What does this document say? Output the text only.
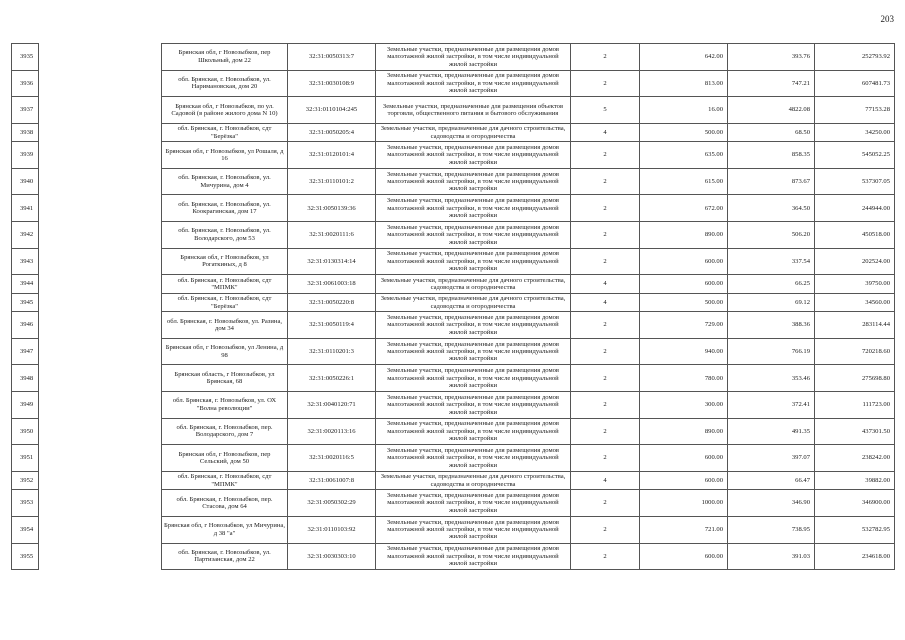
203
3935		Брянская обл, г Новозыбков, пер Школьный, дом 22	32:31:0050313:7	Земельные участки, предназначенные для размещения домов малоэтажной жилой застройки, в том числе индивидуальной жилой застройки	2	642.00	393.76	252793.92
3936		обл. Брянская, г. Новозыбков, ул. Наримановская, дом 20	32:31:0030108:9	Земельные участки, предназначенные для размещения домов малоэтажной жилой застройки, в том числе индивидуальной жилой застройки	2	813.00	747.21	607481.73
3937		Брянская обл, г Новозыбков, по ул. Садовой (в районе жилого дома N 10)	32:31:0110104:245	Земельные участки, предназначенные для размещения объектов торговли, общественного питания и бытового обслуживания	5	16.00	4822.08	77153.28
3938		обл. Брянская, г. Новозыбков, сдт "Берёзка"	32:31:0050205:4	Земельные участки, предназначенные для дачного строительства, садоводства и огородничества	4	500.00	68.50	34250.00
3939		Брянская обл, г Новозыбков, ул Рошаля, д 16	32:31:0120101:4	Земельные участки, предназначенные для размещения домов малоэтажной жилой застройки, в том числе индивидуальной жилой застройки	2	635.00	858.35	545052.25
3940		обл. Брянская, г. Новозыбков, ул. Мичурина, дом 4	32:31:0110101:2	Земельные участки, предназначенные для размещения домов малоэтажной жилой застройки, в том числе индивидуальной жилой застройки	2	615.00	873.67	537307.05
3941		обл. Брянская, г. Новозыбков, ул. Коокрагинская, дом 17	32:31:0050139:36	Земельные участки, предназначенные для размещения домов малоэтажной жилой застройки, в том числе индивидуальной жилой застройки	2	672.00	364.50	244944.00
3942		обл. Брянская, г. Новозыбков, ул. Володарского, дом 53	32:31:0020111:6	Земельные участки, предназначенные для размещения домов малоэтажной жилой застройки, в том числе индивидуальной жилой застройки	2	890.00	506.20	450518.00
3943		Брянская обл, г Новозыбков, ул Рогаткиных, д 8	32:31:0130314:14	Земельные участки, предназначенные для размещения домов малоэтажной жилой застройки, в том числе индивидуальной жилой застройки	2	600.00	337.54	202524.00
3944		обл. Брянская, г. Новозыбков, сдт "МПМК"	32:31:0061003:18	Земельные участки, предназначенные для дачного строительства, садоводства и огородничества	4	600.00	66.25	39750.00
3945		обл. Брянская, г. Новозыбков, сдт "Берёзка"	32:31:0050220:8	Земельные участки, предназначенные для дачного строительства, садоводства и огородничества	4	500.00	69.12	34560.00
3946		обл. Брянская, г. Новозыбков, ул. Разина, дом 34	32:31:0050119:4	Земельные участки, предназначенные для размещения домов малоэтажной жилой застройки, в том числе индивидуальной жилой застройки	2	729.00	388.36	283114.44
3947		Брянская обл, г Новозыбков, ул Ленина, д 98	32:31:0110201:3	Земельные участки, предназначенные для размещения домов малоэтажной жилой застройки, в том числе индивидуальной жилой застройки	2	940.00	766.19	720218.60
3948		Брянская область, г Новозыбков, ул Брянская, 68	32:31:0050226:1	Земельные участки, предназначенные для размещения домов малоэтажной жилой застройки, в том числе индивидуальной жилой застройки	2	780.00	353.46	275698.80
3949		обл. Брянская, г. Новозыбков, ул. ОХ "Волна революции"	32:31:0040120:71	Земельные участки, предназначенные для размещения домов малоэтажной жилой застройки, в том числе индивидуальной жилой застройки	2	300.00	372.41	111723.00
3950		обл. Брянская, г. Новозыбков, пер. Володарского, дом 7	32:31:0020113:16	Земельные участки, предназначенные для размещения домов малоэтажной жилой застройки, в том числе индивидуальной жилой застройки	2	890.00	491.35	437301.50
3951		Брянская обл, г Новозыбков, пер Сельский, дом 50	32:31:0020116:5	Земельные участки, предназначенные для размещения домов малоэтажной жилой застройки, в том числе индивидуальной жилой застройки	2	600.00	397.07	238242.00
3952		обл. Брянская, г. Новозыбков, сдт "МПМК"	32:31:0061007:8	Земельные участки, предназначенные для дачного строительства, садоводства и огородничества	4	600.00	66.47	39882.00
3953		обл. Брянская, г. Новозыбков, пер. Стасова, дом 64	32:31:0050302:29	Земельные участки, предназначенные для размещения домов малоэтажной жилой застройки, в том числе индивидуальной жилой застройки	2	1000.00	346.90	346900.00
3954		Брянская обл, г Новозыбков, ул Мичурина, д 38 "а"	32:31:0110103:92	Земельные участки, предназначенные для размещения домов малоэтажной жилой застройки, в том числе индивидуальной жилой застройки	2	721.00	738.95	532782.95
3955		обл. Брянская, г. Новозыбков, ул. Партизанская, дом 22	32:31:0030303:10	Земельные участки, предназначенные для размещения домов малоэтажной жилой застройки, в том числе индивидуальной жилой застройки	2	600.00	391.03	234618.00
